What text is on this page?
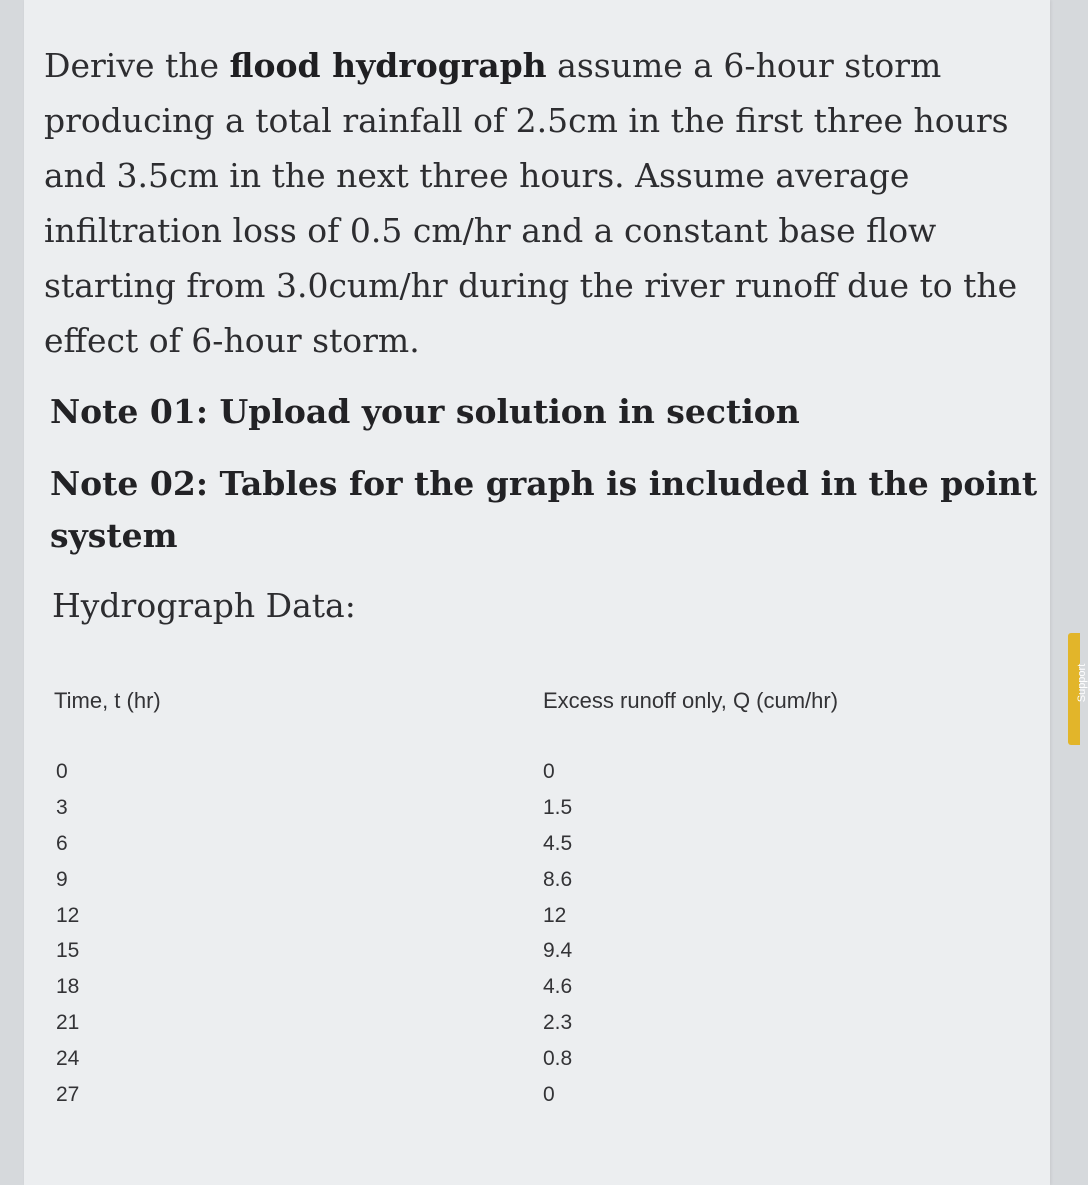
Derive the flood hydrograph assume a 6-hour storm producing a total rainfall of 2.5cm in the first three hours and 3.5cm in the next three hours. Assume average infiltration loss of 0.5 cm/hr and a constant base flow starting from 3.0cum/hr during the river runoff due to the effect of 6-hour storm.
Note 01: Upload your solution in section
Note 02: Tables for the graph is included in the point system
Hydrograph Data:
Time, t (hr)	Excess runoff only, Q (cum/hr)
0
3
6
9
12
15
18
21
24
27
0
1.5
4.5
8.6
12
9.4
4.6
2.3
0.8
0
Support
